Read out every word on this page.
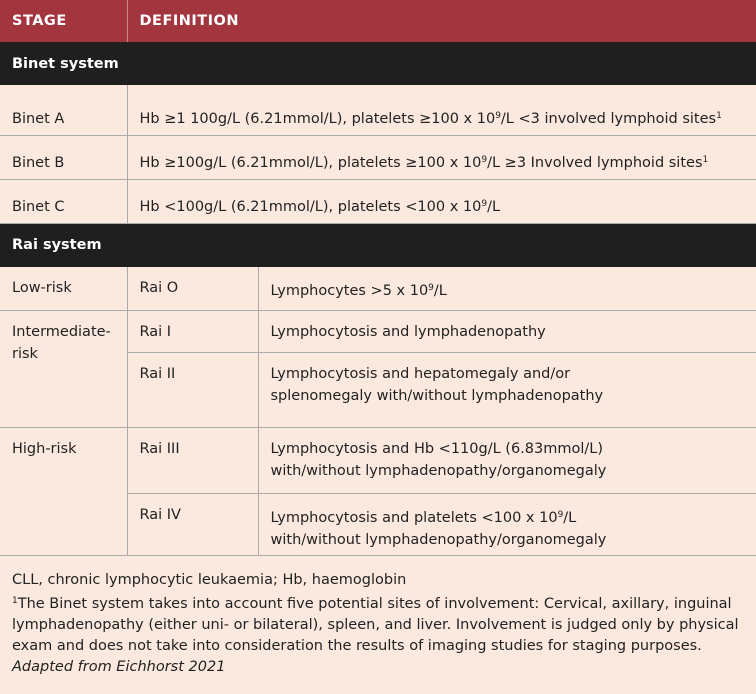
STAGE	DEFINITION	
Binet system		
Binet A	Hb ≥1 100g/L (6.21mmol/L), platelets ≥100 x $10^9/L <3$ involved lymphoid sites$^1$
Binet B	Hb ≥100g/L (6.21mmol/L), platelets ≥100 x $10^9/L \ge 3$ Involved lymphoid sites$^1$
Binet C	Hb <100g/L (6.21mmol/L), platelets <100 x $10^9/L$	
Rai system		
Low-risk	Rai O	Lymphocytes >5 x $10^9/L$
Intermediate-
risk	Rai I	Lymphocytosis and lymphadenopathy
	Rai II	Lymphocytosis and hepatomegaly and/or
splenomegaly with/without lymphadenopathy
High-risk	Rai III	Lymphocytosis and Hb <110g/L (6.83mmol/L)
with/without lymphadenopathy/organomegaly
	Rai IV	Lymphocytosis and platelets <100 x $10^9/L$
with/without lymphadenopathy/organomegaly

CLL, chronic lymphocytic leukaemia; Hb, haemoglobin

$^1$The Binet system takes into account five potential sites of involvement: Cervical, axillary, inguinal lymphadenopathy (either uni- or bilateral), spleen, and liver. Involvement is judged only by physical exam and does not take into consideration the results of imaging studies for staging purposes.

Adapted from Eichhorst 2021		
